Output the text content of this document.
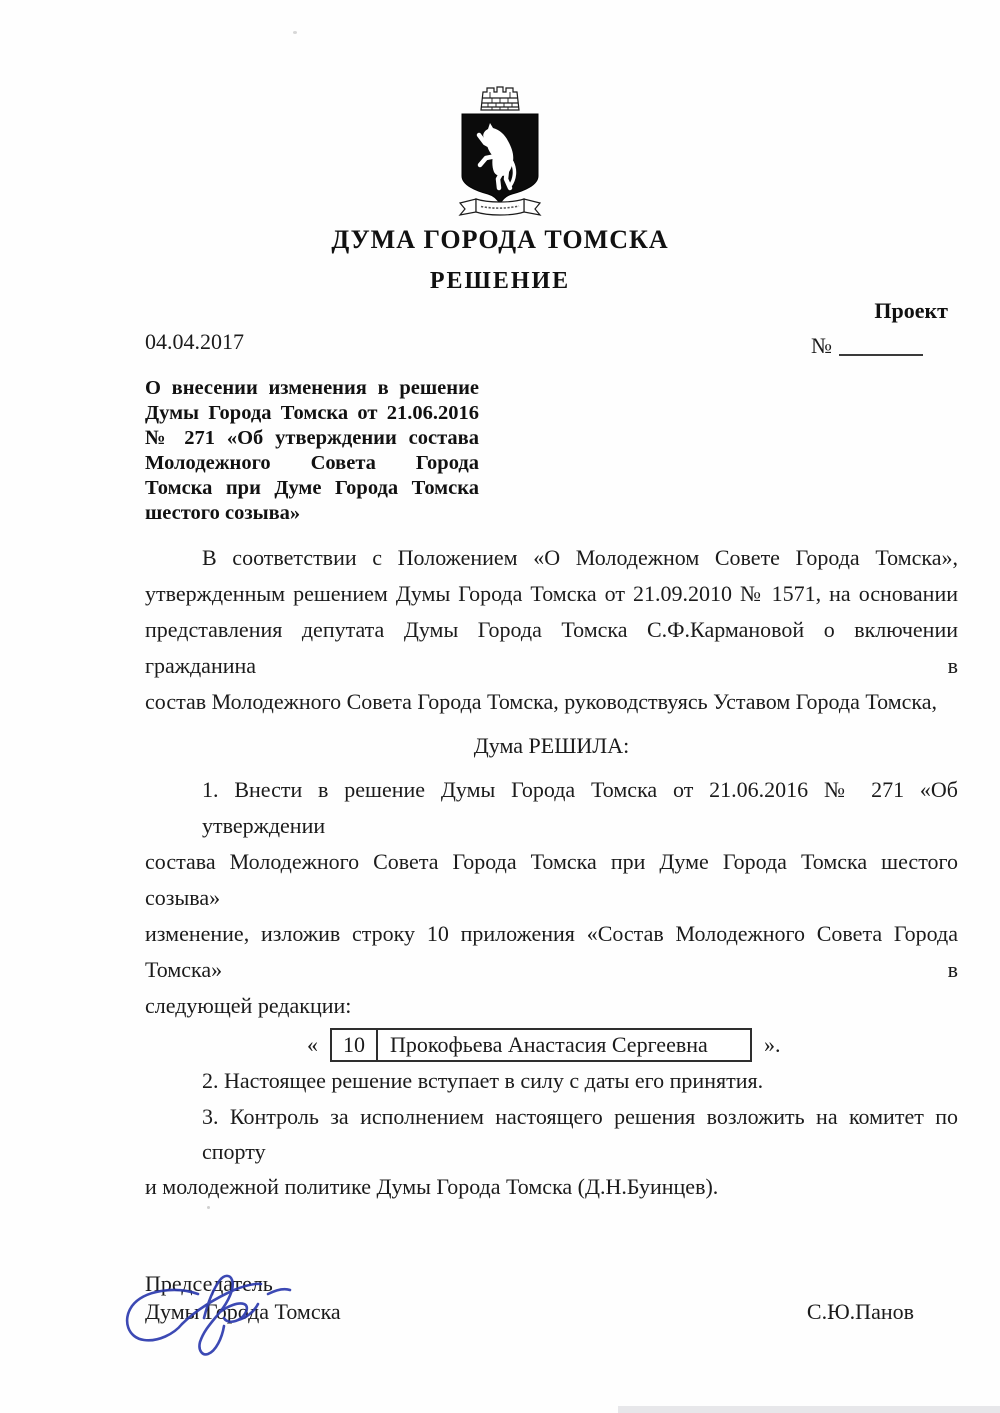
ДУМА ГОРОДА ТОМСКА
РЕШЕНИЕ
Проект
04.04.2017	№
О внесении изменения в решение
Думы Города Томска от 21.06.2016
№ 271 «Об утверждении состава
Молодежного Совета Города
Томска при Думе Города Томска
шестого созыва»
В соответствии с Положением «О Молодежном Совете Города Томска»,
утвержденным решением Думы Города Томска от 21.09.2010 № 1571, на основании
представления депутата Думы Города Томска С.Ф.Кармановой о включении гражданина в
состав Молодежного Совета Города Томска, руководствуясь Уставом Города Томска,
Дума РЕШИЛА:
1. Внести в решение Думы Города Томска от 21.06.2016 № 271 «Об утверждении
состава Молодежного Совета Города Томска при Думе Города Томска шестого созыва»
изменение, изложив строку 10 приложения «Состав Молодежного Совета Города Томска» в
следующей редакции:
«	10	Прокофьева Анастасия Сергеевна	».
2. Настоящее решение вступает в силу с даты его принятия.
3. Контроль за исполнением настоящего решения возложить на комитет по спорту
и молодежной политике Думы Города Томска (Д.Н.Буинцев).
Председатель
Думы Города Томска	С.Ю.Панов
